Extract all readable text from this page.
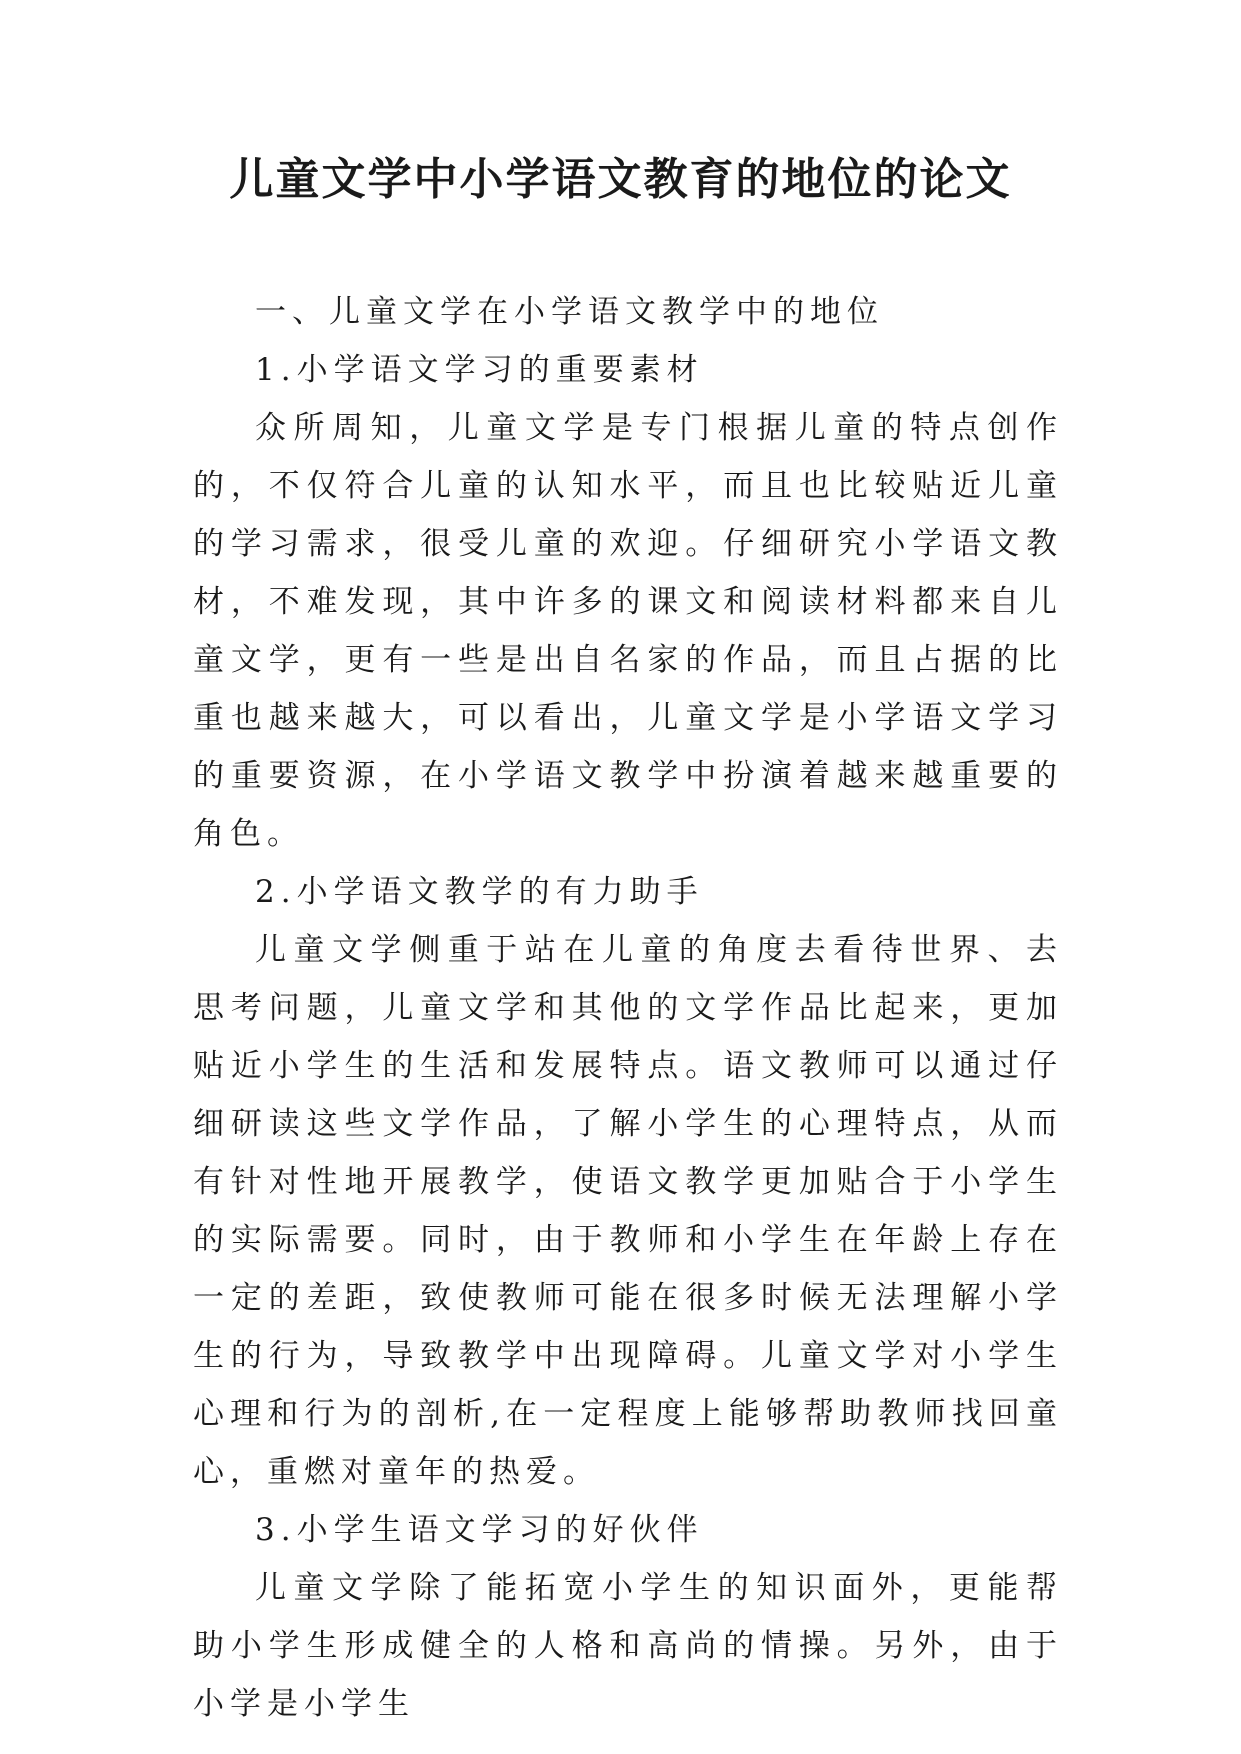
儿童文学中小学语文教育的地位的论文

一、儿童文学在小学语文教学中的地位

1.小学语文学习的重要素材

众所周知，儿童文学是专门根据儿童的特点创作的，不仅符合儿童的认知水平，而且也比较贴近儿童的学习需求，很受儿童的欢迎。仔细研究小学语文教材，不难发现，其中许多的课文和阅读材料都来自儿童文学，更有一些是出自名家的作品，而且占据的比重也越来越大，可以看出，儿童文学是小学语文学习的重要资源，在小学语文教学中扮演着越来越重要的角色。

2.小学语文教学的有力助手

儿童文学侧重于站在儿童的角度去看待世界、去思考问题，儿童文学和其他的文学作品比起来，更加贴近小学生的生活和发展特点。语文教师可以通过仔细研读这些文学作品，了解小学生的心理特点，从而有针对性地开展教学，使语文教学更加贴合于小学生的实际需要。同时，由于教师和小学生在年龄上存在一定的差距，致使教师可能在很多时候无法理解小学生的行为，导致教学中出现障碍。儿童文学对小学生心理和行为的剖析,在一定程度上能够帮助教师找回童心，重燃对童年的热爱。

3.小学生语文学习的好伙伴

儿童文学除了能拓宽小学生的知识面外，更能帮助小学生形成健全的人格和高尚的情操。另外，由于小学是小学生
